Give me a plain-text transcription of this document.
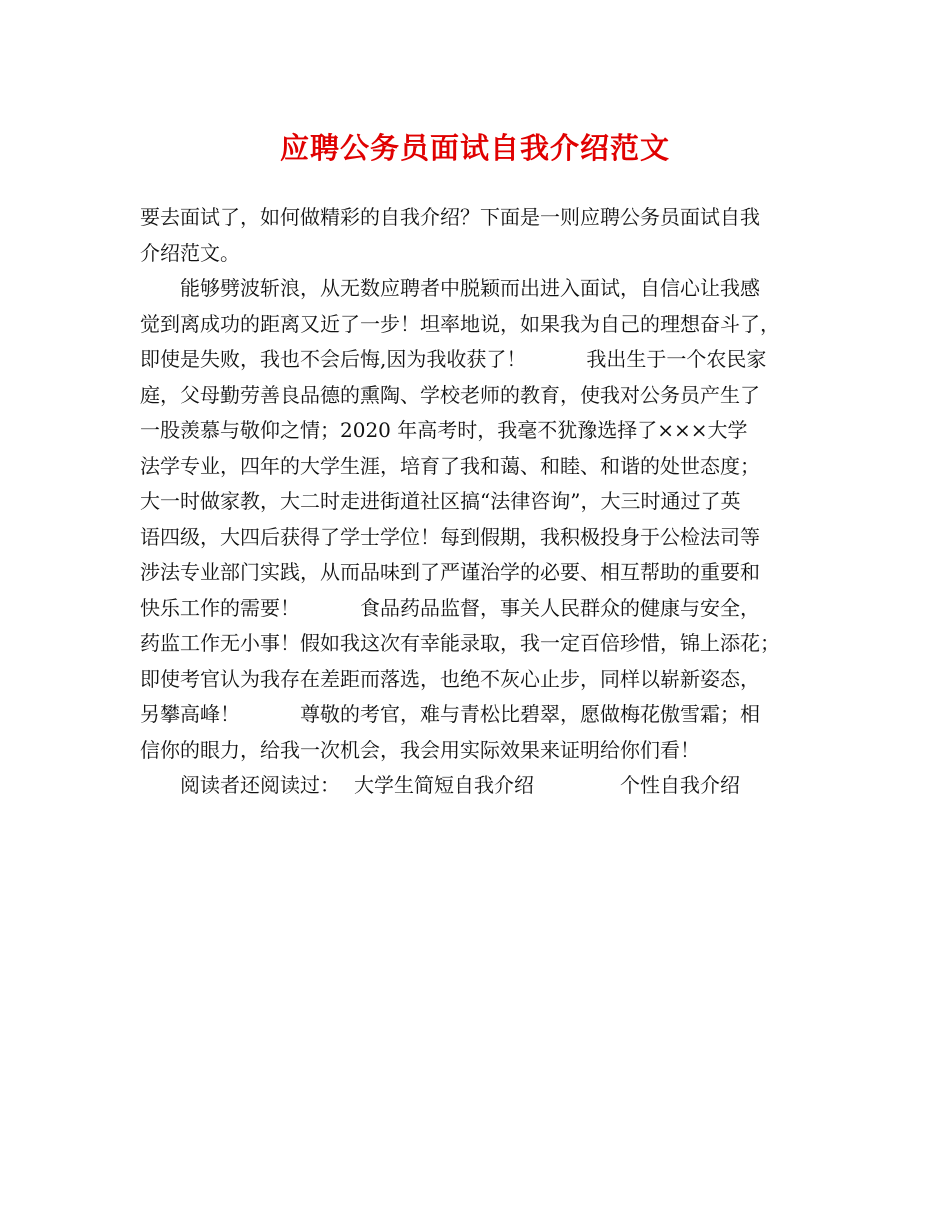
应聘公务员面试自我介绍范文
要去面试了，如何做精彩的自我介绍？下面是一则应聘公务员面试自我
介绍范文。
　　能够劈波斩浪，从无数应聘者中脱颖而出进入面试，自信心让我感
觉到离成功的距离又近了一步！坦率地说，如果我为自己的理想奋斗了，
即使是失败，我也不会后悔,因为我收获了！　　　我出生于一个农民家
庭，父母勤劳善良品德的熏陶、学校老师的教育，使我对公务员产生了
一股羡慕与敬仰之情；2020 年高考时，我毫不犹豫选择了×××大学
法学专业，四年的大学生涯，培育了我和蔼、和睦、和谐的处世态度；
大一时做家教，大二时走进街道社区搞“法律咨询”，大三时通过了英
语四级，大四后获得了学士学位！每到假期，我积极投身于公检法司等
涉法专业部门实践，从而品味到了严谨治学的必要、相互帮助的重要和
快乐工作的需要！　　　食品药品监督，事关人民群众的健康与安全，
药监工作无小事！假如我这次有幸能录取，我一定百倍珍惜，锦上添花；
即使考官认为我存在差距而落选，也绝不灰心止步，同样以崭新姿态，
另攀高峰！　　　尊敬的考官，难与青松比碧翠，愿做梅花傲雪霜；相
信你的眼力，给我一次机会，我会用实际效果来证明给你们看！
　　阅读者还阅读过： 大学生简短自我介绍	个性自我介绍
